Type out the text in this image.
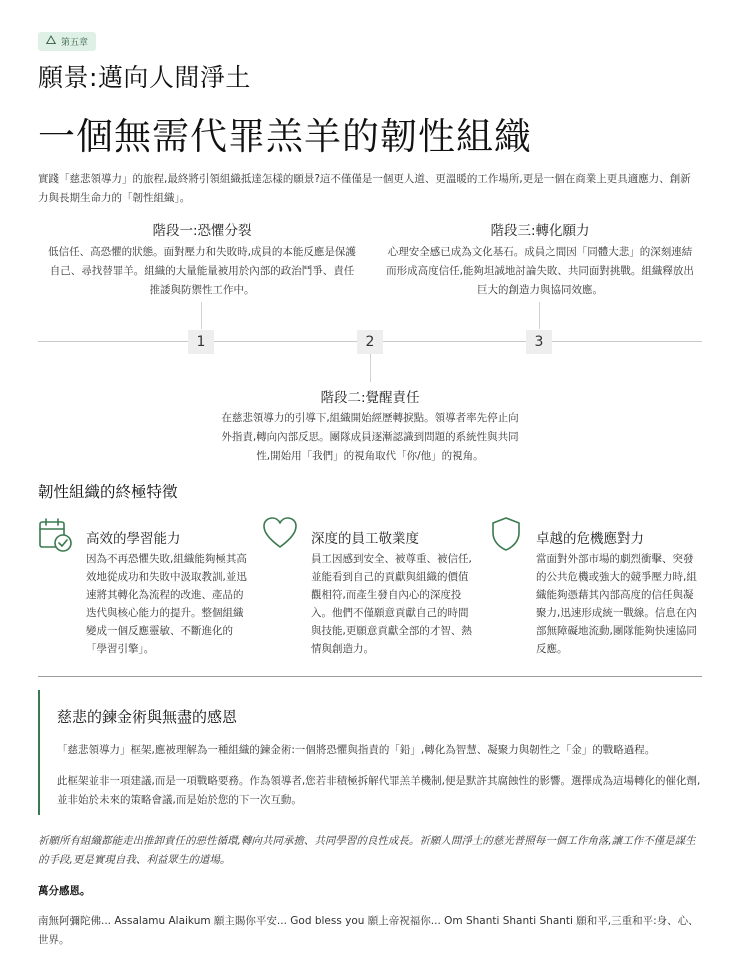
第五章
願景:邁向人間淨土
一個無需代罪羔羊的韌性組織
實踐「慈悲領導力」的旅程,最終將引領組織抵達怎樣的願景?這不僅僅是一個更人道、更溫暖的工作場所,更是一個在商業上更具適應力、創新力與長期生命力的「韌性組織」。
階段一:恐懼分裂
低信任、高恐懼的狀態。面對壓力和失敗時,成員的本能反應是保護自己、尋找替罪羊。組織的大量能量被用於內部的政治鬥爭、責任推諉與防禦性工作中。
階段三:轉化願力
心理安全感已成為文化基石。成員之間因「同體大悲」的深刻連結而形成高度信任,能夠坦誠地討論失敗、共同面對挑戰。組織釋放出巨大的創造力與協同效應。
1	2	3
階段二:覺醒責任
在慈悲領導力的引導下,組織開始經歷轉捩點。領導者率先停止向外指責,轉向內部反思。團隊成員逐漸認識到問題的系統性與共同性,開始用「我們」的視角取代「你/他」的視角。
韌性組織的終極特徵
高效的學習能力
因為不再恐懼失敗,組織能夠極其高效地從成功和失敗中汲取教訓,並迅速將其轉化為流程的改進、產品的迭代與核心能力的提升。整個組織變成一個反應靈敏、不斷進化的「學習引擎」。
深度的員工敬業度
員工因感到安全、被尊重、被信任,並能看到自己的貢獻與組織的價值觀相符,而產生發自內心的深度投入。他們不僅願意貢獻自己的時間與技能,更願意貢獻全部的才智、熱情與創造力。
卓越的危機應對力
當面對外部市場的劇烈衝擊、突發的公共危機或強大的競爭壓力時,組織能夠憑藉其內部高度的信任與凝聚力,迅速形成統一戰線。信息在內部無障礙地流動,團隊能夠快速協同反應。
慈悲的鍊金術與無盡的感恩
「慈悲領導力」框架,應被理解為一種組織的鍊金術:一個將恐懼與指責的「鉛」,轉化為智慧、凝聚力與韌性之「金」的戰略過程。
此框架並非一項建議,而是一項戰略要務。作為領導者,您若非積極拆解代罪羔羊機制,便是默許其腐蝕性的影響。選擇成為這場轉化的催化劑,並非始於未來的策略會議,而是始於您的下一次互動。
祈願所有組織都能走出推卸責任的惡性循環,轉向共同承擔、共同學習的良性成長。祈願人間淨土的慈光普照每一個工作角落,讓工作不僅是謀生的手段,更是實現自我、利益眾生的道場。
萬分感恩。
南無阿彌陀佛... Assalamu Alaikum 願主賜你平安... God bless you 願上帝祝福你... Om Shanti Shanti Shanti 願和平,三重和平:身、心、世界。
